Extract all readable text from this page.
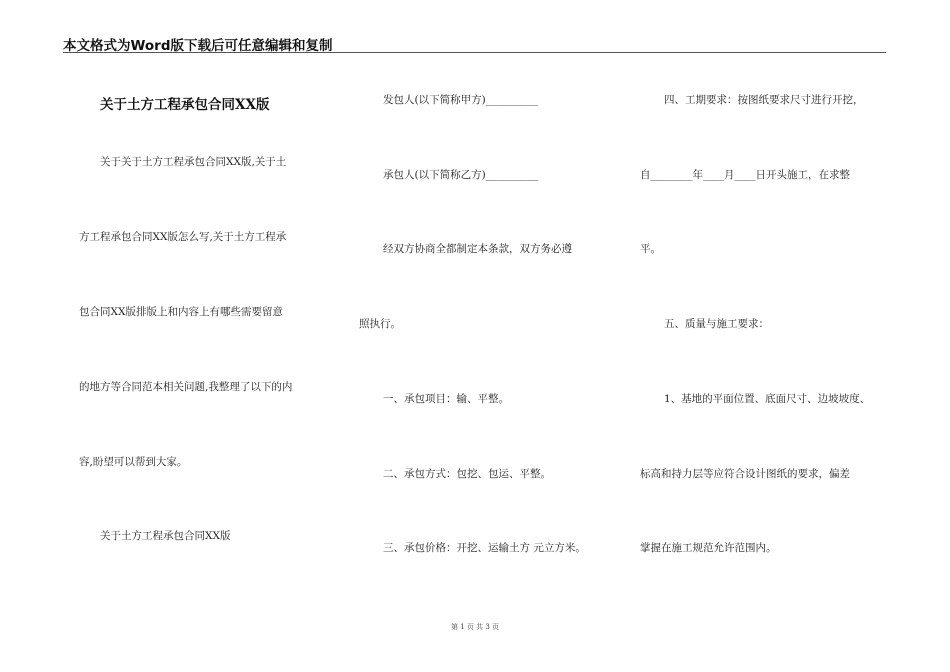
本文格式为Word版下载后可任意编辑和复制
关于土方工程承包合同XX版
关于关于土方工程承包合同XX版,关于土
方工程承包合同XX版怎么写,关于土方工程承
包合同XX版排版上和内容上有哪些需要留意
的地方等合同范本相关问题,我整理了以下的内
容,盼望可以帮到大家。
关于土方工程承包合同XX版
发包人(以下简称甲方)__________
承包人(以下简称乙方)__________
经双方协商全都制定本条款，双方务必遵
照执行。
一、承包项目：输、平整。
二、承包方式：包挖、包运、平整。
三、承包价格：开挖、运输土方 元立方米。
四、工期要求：按图纸要求尺寸进行开挖，
自________年____月____日开头施工，在求整
平。
五、质量与施工要求：
1、基地的平面位置、底面尺寸、边坡坡度、
标高和持力层等应符合设计图纸的要求，偏差
掌握在施工规范允许范围内。
第 1 页 共 3 页
